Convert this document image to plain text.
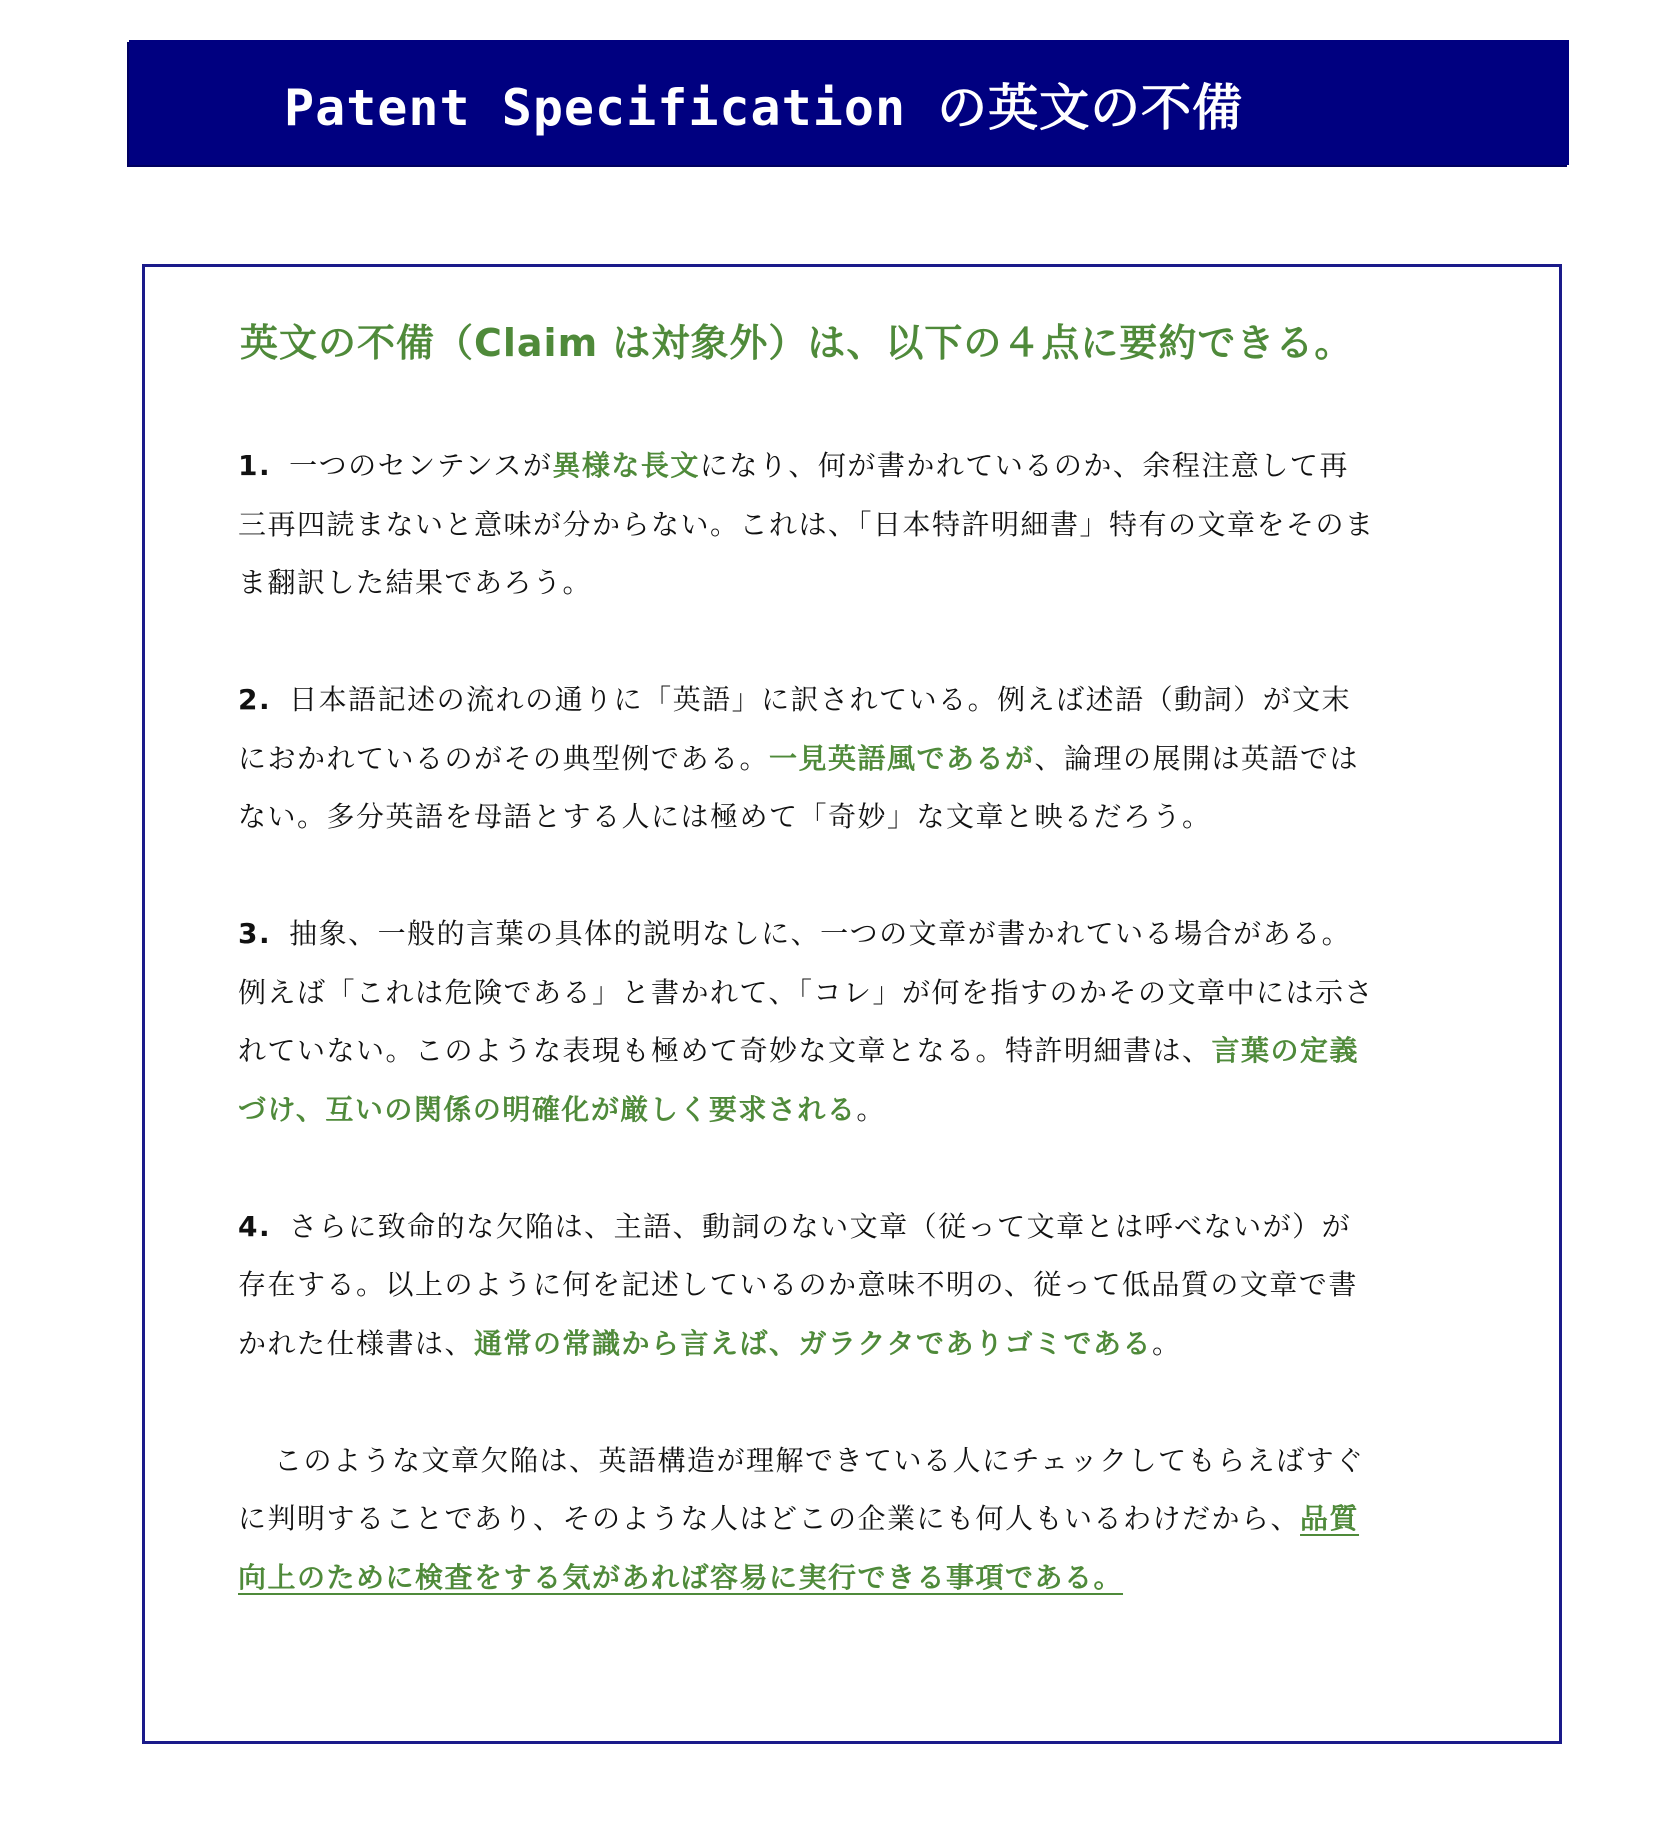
Patent Specification の英文の不備
英文の不備（Claim は対象外）は、以下の４点に要約できる。

1. 一つのセンテンスが異様な長文になり、何が書かれているのか、余程注意して再三再四読まないと意味が分からない。これは、「日本特許明細書」特有の文章をそのまま翻訳した結果であろう。

2. 日本語記述の流れの通りに「英語」に訳されている。例えば述語（動詞）が文末におかれているのがその典型例である。一見英語風であるが、論理の展開は英語ではない。多分英語を母語とする人には極めて「奇妙」な文章と映るだろう。

3. 抽象、一般的言葉の具体的説明なしに、一つの文章が書かれている場合がある。例えば「これは危険である」と書かれて、「コレ」が何を指すのかその文章中には示されていない。このような表現も極めて奇妙な文章となる。特許明細書は、言葉の定義づけ、互いの関係の明確化が厳しく要求される。

4. さらに致命的な欠陥は、主語、動詞のない文章（従って文章とは呼べないが）が存在する。以上のように何を記述しているのか意味不明の、従って低品質の文章で書かれた仕様書は、通常の常識から言えば、ガラクタでありゴミである。

このような文章欠陥は、英語構造が理解できている人にチェックしてもらえばすぐに判明することであり、そのような人はどこの企業にも何人もいるわけだから、品質向上のために検査をする気があれば容易に実行できる事項である。
